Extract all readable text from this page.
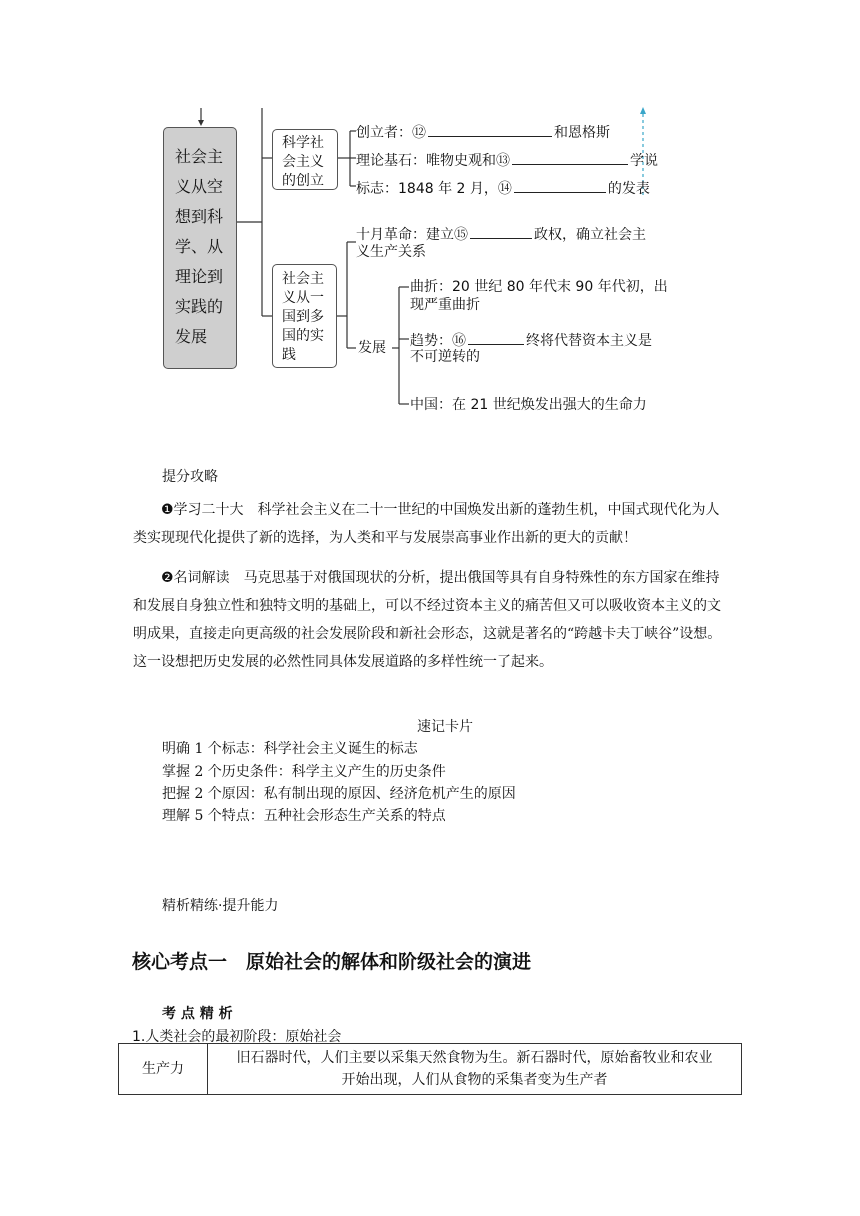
社会主
义从空
想到科
学、从
理论到
实践的
发展
科学社
会主义
的创立
创立者：⑫	和恩格斯
理论基石：唯物史观和⑬	学说
标志：1848 年 2 月，⑭	的发表
社会主
义从一
国到多
国的实
践
十月革命：建立⑮	政权，确立社会主
义生产关系
发展
曲折：20 世纪 80 年代末 90 年代初，出
现严重曲折
趋势：⑯	终将代替资本主义是
不可逆转的
中国：在 21 世纪焕发出强大的生命力
提分攻略
❶学习二十大 科学社会主义在二十一世纪的中国焕发出新的蓬勃生机，中国式现代化为人类实现现代化提供了新的选择，为人类和平与发展崇高事业作出新的更大的贡献！
❷名词解读 马克思基于对俄国现状的分析，提出俄国等具有自身特殊性的东方国家在维持和发展自身独立性和独特文明的基础上，可以不经过资本主义的痛苦但又可以吸收资本主义的文明成果，直接走向更高级的社会发展阶段和新社会形态，这就是著名的“跨越卡夫丁峡谷”设想。这一设想把历史发展的必然性同具体发展道路的多样性统一了起来。
速记卡片
明确 1 个标志：科学社会主义诞生的标志
掌握 2 个历史条件：科学主义产生的历史条件
把握 2 个原因：私有制出现的原因、经济危机产生的原因
理解 5 个特点：五种社会形态生产关系的特点
精析精练·提升能力
核心考点一　原始社会的解体和阶级社会的演进
考 点 精 析
1.人类社会的最初阶段：原始社会
生产力	
旧石器时代，人们主要以采集天然食物为生。新石器时代，原始畜牧业和农业
开始出现，人们从食物的采集者变为生产者
